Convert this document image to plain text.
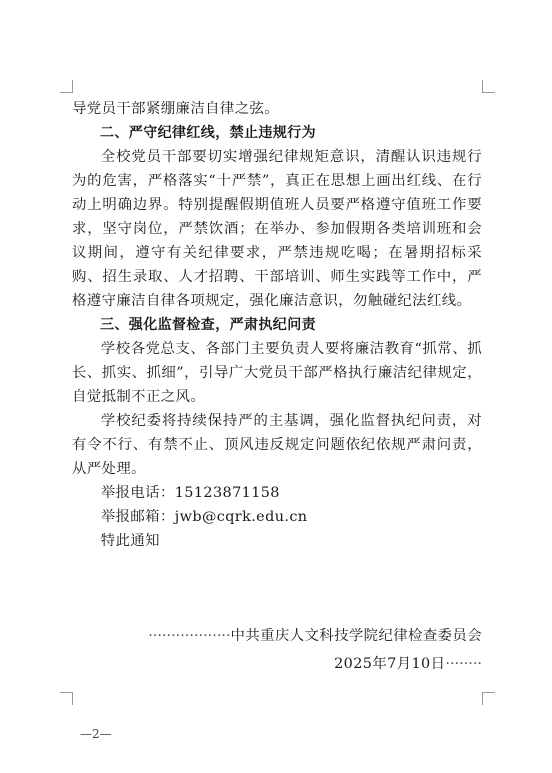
导党员干部紧绷廉洁自律之弦。

二、严守纪律红线，禁止违规行为

全校党员干部要切实增强纪律规矩意识，清醒认识违规行为的危害，严格落实“十严禁”，真正在思想上画出红线、在行动上明确边界。特别提醒假期值班人员要严格遵守值班工作要求，坚守岗位，严禁饮酒；在举办、参加假期各类培训班和会议期间，遵守有关纪律要求，严禁违规吃喝；在暑期招标采购、招生录取、人才招聘、干部培训、师生实践等工作中，严格遵守廉洁自律各项规定，强化廉洁意识，勿触碰纪法红线。

三、强化监督检查，严肃执纪问责

学校各党总支、各部门主要负责人要将廉洁教育“抓常、抓长、抓实、抓细”，引导广大党员干部严格执行廉洁纪律规定，自觉抵制不正之风。

学校纪委将持续保持严的主基调，强化监督执纪问责，对有令不行、有禁不止、顶风违反规定问题依纪依规严肃问责，从严处理。

举报电话：15123871158

举报邮箱：jwb@cqrk.edu.cn

特此通知

··················中共重庆人文科技学院纪律检查委员会
2025年7月10日········
—2—
